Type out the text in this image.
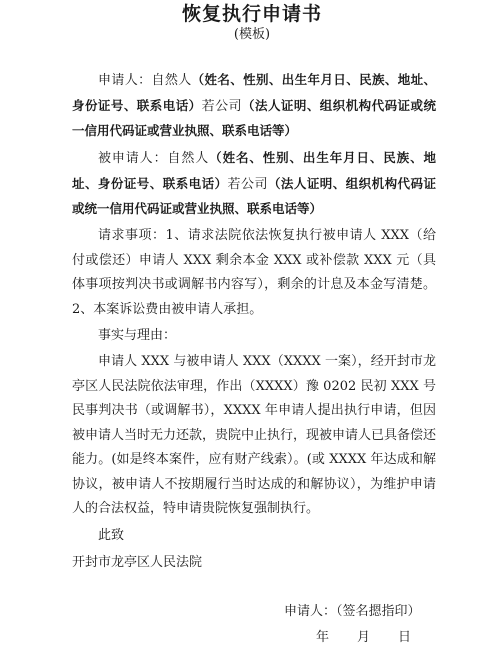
恢复执行申请书
(模板)
申请人：自然人（姓名、性别、出生年月日、民族、地址、身份证号、联系电话）若公司（法人证明、组织机构代码证或统一信用代码证或营业执照、联系电话等）
被申请人：自然人（姓名、性别、出生年月日、民族、地址、身份证号、联系电话）若公司（法人证明、组织机构代码证或统一信用代码证或营业执照、联系电话等）
请求事项：1、请求法院依法恢复执行被申请人 XXX（给付或偿还）申请人 XXX 剩余本金 XXX 或补偿款 XXX 元（具体事项按判决书或调解书内容写），剩余的计息及本金写清楚。2、本案诉讼费由被申请人承担。
事实与理由：
申请人 XXX 与被申请人 XXX（XXXX 一案），经开封市龙亭区人民法院依法审理，作出（XXXX）豫 0202 民初 XXX 号民事判决书（或调解书），XXXX 年申请人提出执行申请，但因被申请人当时无力还款，贵院中止执行，现被申请人已具备偿还能力。(如是终本案件，应有财产线索）。(或 XXXX 年达成和解协议，被申请人不按期履行当时达成的和解协议），为维护申请人的合法权益，特申请贵院恢复强制执行。
此致
开封市龙亭区人民法院
申请人：（签名摁指印）
年 月 日
